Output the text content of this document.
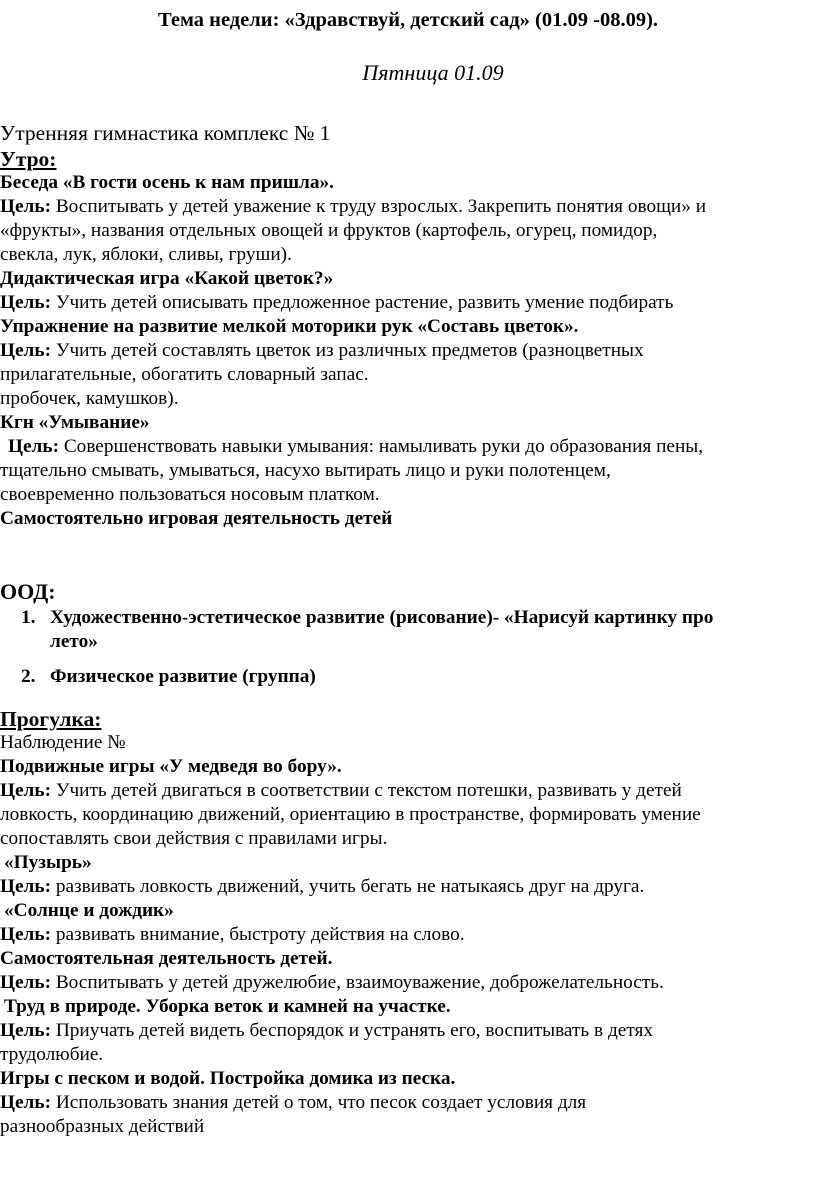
Тема недели: «Здравствуй, детский сад» (01.09 -08.09).
Пятница 01.09

Утренняя гимнастика комплекс № 1

Утро:

Беседа «В гости осень к нам пришла».

Цель: Воспитывать у детей уважение к труду взрослых. Закрепить понятия овощи» и

«фрукты», названия отдельных овощей и фруктов (картофель, огурец, помидор,

свекла, лук, яблоки, сливы, груши).

Дидактическая игра «Какой цветок?»

Цель: Учить детей описывать предложенное растение, развить умение подбирать

Упражнение на развитие мелкой моторики рук «Составь цветок».

Цель: Учить детей составлять цветок из различных предметов (разноцветных

прилагательные, обогатить словарный запас.

пробочек, камушков).

Кгн «Умывание»

Цель: Совершенствовать навыки умывания: намыливать руки до образования пены,

тщательно смывать, умываться, насухо вытирать лицо и руки полотенцем,

своевременно пользоваться носовым платком.

Самостоятельно игровая деятельность детей

ООД:

1. Художественно-эстетическое развитие (рисование)- «Нарисуй картинку про
лето»
2. Физическое развитие (группа)

Прогулка:

Наблюдение №

Подвижные игры «У медведя во бору».

Цель: Учить детей двигаться в соответствии с текстом потешки, развивать у детей

ловкость, координацию движений, ориентацию в пространстве, формировать умение

сопоставлять свои действия с правилами игры.

«Пузырь»

Цель: развивать ловкость движений, учить бегать не натыкаясь друг на друга.

«Солнце и дождик»

Цель: развивать внимание, быстроту действия на слово.

Самостоятельная деятельность детей.

Цель: Воспитывать у детей дружелюбие, взаимоуважение, доброжелательность.

Труд в природе. Уборка веток и камней на участке.

Цель: Приучать детей видеть беспорядок и устранять его, воспитывать в детях

трудолюбие.

Игры с песком и водой. Постройка домика из песка.

Цель: Использовать знания детей о том, что песок создает условия для

разнообразных действий
